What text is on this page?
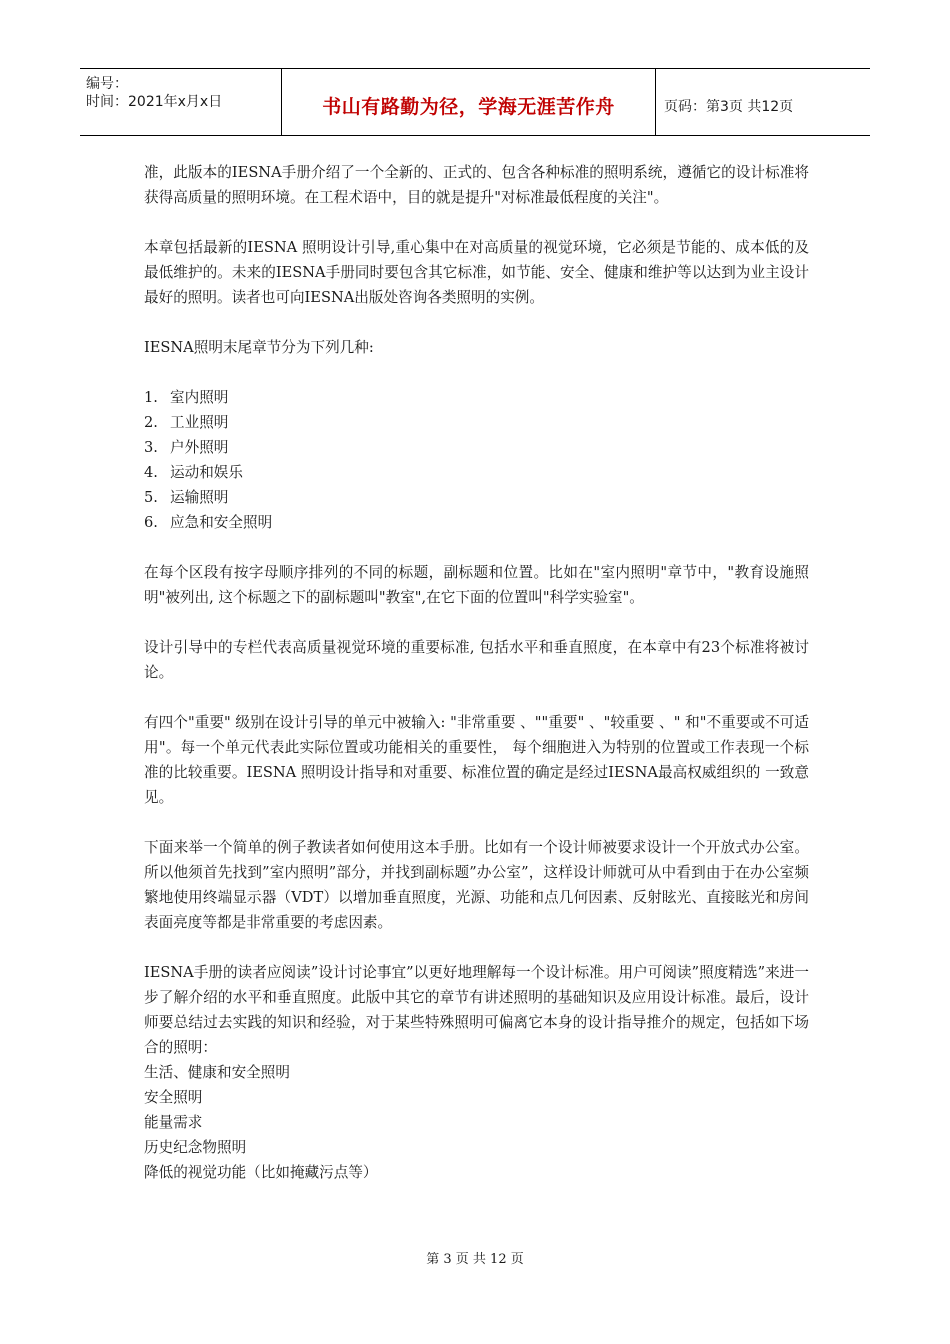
编号：
时间：2021年x月x日	书山有路勤为径，学海无涯苦作舟	页码：第3页 共12页

准，此版本的IESNA手册介绍了一个全新的、正式的、包含各种标准的照明系统，遵循它的设计标准将获得高质量的照明环境。在工程术语中，目的就是提升"对标准最低程度的关注"。

本章包括最新的IESNA 照明设计引导,重心集中在对高质量的视觉环境，它必须是节能的、成本低的及最低维护的。未来的IESNA手册同时要包含其它标准，如节能、安全、健康和维护等以达到为业主设计最好的照明。读者也可向IESNA出版处咨询各类照明的实例。

IESNA照明末尾章节分为下列几种:

1. 室内照明
2. 工业照明
3. 户外照明
4. 运动和娱乐
5. 运输照明
6. 应急和安全照明

在每个区段有按字母顺序排列的不同的标题，副标题和位置。比如在"室内照明"章节中，"教育设施照明"被列出, 这个标题之下的副标题叫"教室",在它下面的位置叫"科学实验室"。

设计引导中的专栏代表高质量视觉环境的重要标准, 包括水平和垂直照度，在本章中有23个标准将被讨论。

有四个"重要" 级别在设计引导的单元中被输入: "非常重要 、""重要" 、"较重要 、" 和"不重要或不可适用"。每一个单元代表此实际位置或功能相关的重要性， 每个细胞进入为特别的位置或工作表现一个标准的比较重要。IESNA 照明设计指导和对重要、标准位置的确定是经过IESNA最高权威组织的 一致意见。

下面来举一个简单的例子教读者如何使用这本手册。比如有一个设计师被要求设计一个开放式办公室。所以他须首先找到”室内照明”部分，并找到副标题”办公室”，这样设计师就可从中看到由于在办公室频繁地使用终端显示器（VDT）以增加垂直照度，光源、功能和点几何因素、反射眩光、直接眩光和房间表面亮度等都是非常重要的考虑因素。

IESNA手册的读者应阅读”设计讨论事宜”以更好地理解每一个设计标准。用户可阅读”照度精选”来进一步了解介绍的水平和垂直照度。此版中其它的章节有讲述照明的基础知识及应用设计标准。最后，设计师要总结过去实践的知识和经验，对于某些特殊照明可偏离它本身的设计指导推介的规定，包括如下场合的照明：

生活、健康和安全照明
安全照明
能量需求
历史纪念物照明
降低的视觉功能（比如掩藏污点等）
第 3 页 共 12 页
